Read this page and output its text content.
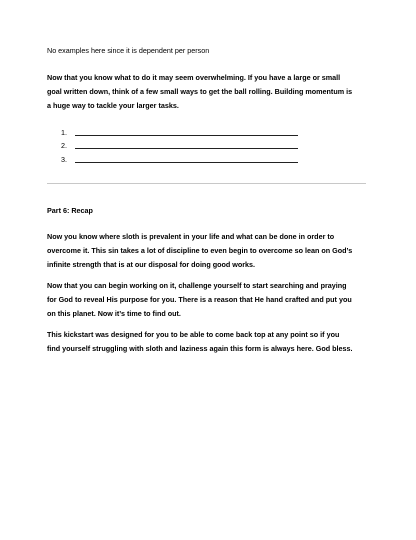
No examples here since it is dependent per person

Now that you know what to do it may seem overwhelming. If you have a large or small
goal written down, think of a few small ways to get the ball rolling. Building momentum is
a huge way to tackle your larger tasks.

1.
2.
3.

Part 6: Recap

Now you know where sloth is prevalent in your life and what can be done in order to
overcome it. This sin takes a lot of discipline to even begin to overcome so lean on God’s
infinite strength that is at our disposal for doing good works.

Now that you can begin working on it, challenge yourself to start searching and praying
for God to reveal His purpose for you. There is a reason that He hand crafted and put you
on this planet. Now it’s time to find out.

This kickstart was designed for you to be able to come back top at any point so if you
find yourself struggling with sloth and laziness again this form is always here. God bless.
